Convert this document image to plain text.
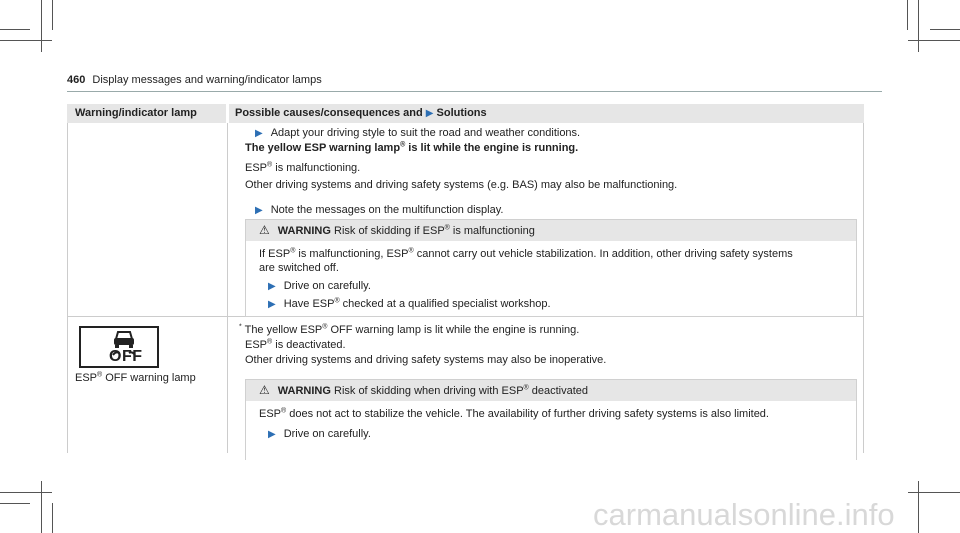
460 Display messages and warning/indicator lamps
Warning/indicator lamp	Possible causes/consequences and ▶ Solutions
▶ Adapt your driving style to suit the road and weather conditions.
The yellow ESP warning lamp® is lit while the engine is running.
ESP® is malfunctioning.
Other driving systems and driving safety systems (e.g. BAS) may also be malfunctioning.
▶ Note the messages on the multifunction display.
⚠ WARNING Risk of skidding if ESP® is malfunctioning
If ESP® is malfunctioning, ESP® cannot carry out vehicle stabilization. In addition, other driving safety systems
are switched off.
▶ Drive on carefully.
▶ Have ESP® checked at a qualified specialist workshop.
OFF
ESP® OFF warning lamp
* The yellow ESP® OFF warning lamp is lit while the engine is running.
ESP® is deactivated.
Other driving systems and driving safety systems may also be inoperative.
⚠ WARNING Risk of skidding when driving with ESP® deactivated
ESP® does not act to stabilize the vehicle. The availability of further driving safety systems is also limited.
▶ Drive on carefully.
carmanualsonline.info
